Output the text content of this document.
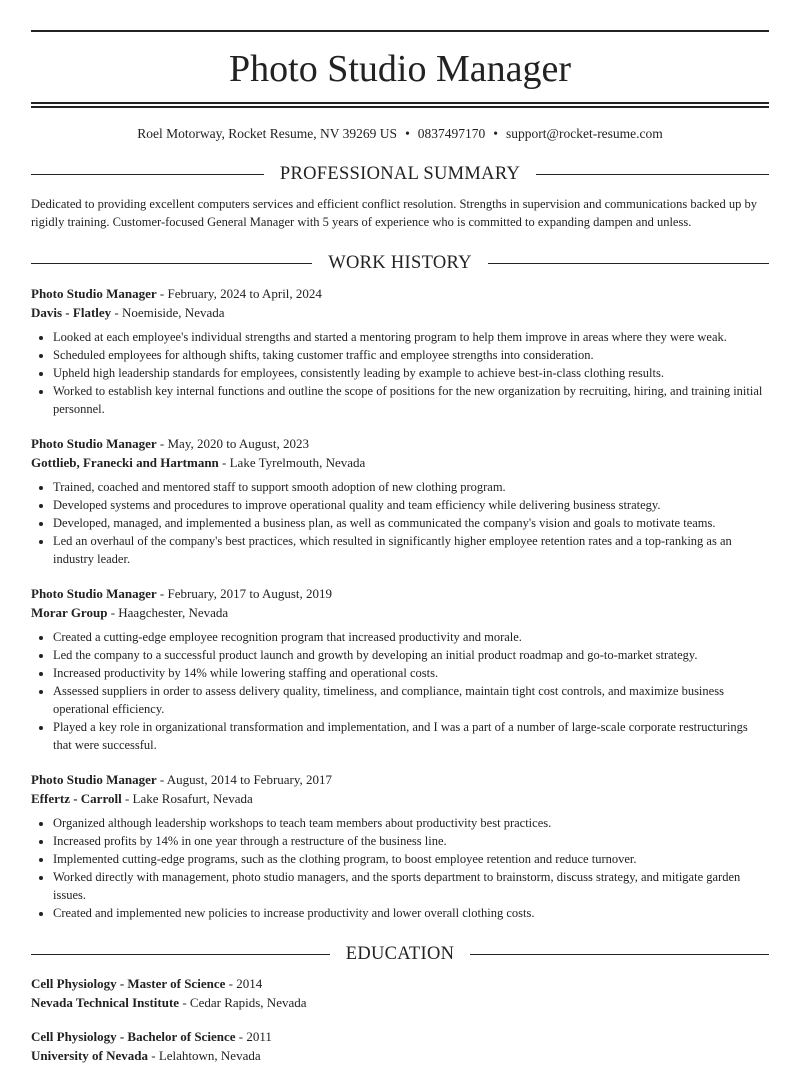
Photo Studio Manager
Roel Motorway, Rocket Resume, NV 39269 US • 0837497170 • support@rocket-resume.com
PROFESSIONAL SUMMARY
Dedicated to providing excellent computers services and efficient conflict resolution. Strengths in supervision and communications backed up by rigidly training. Customer-focused General Manager with 5 years of experience who is committed to expanding dampen and unless.
WORK HISTORY
Photo Studio Manager - February, 2024 to April, 2024
Davis - Flatley - Noemiside, Nevada
• Looked at each employee's individual strengths and started a mentoring program to help them improve in areas where they were weak.
• Scheduled employees for although shifts, taking customer traffic and employee strengths into consideration.
• Upheld high leadership standards for employees, consistently leading by example to achieve best-in-class clothing results.
• Worked to establish key internal functions and outline the scope of positions for the new organization by recruiting, hiring, and training initial personnel.
Photo Studio Manager - May, 2020 to August, 2023
Gottlieb, Franecki and Hartmann - Lake Tyrelmouth, Nevada
• Trained, coached and mentored staff to support smooth adoption of new clothing program.
• Developed systems and procedures to improve operational quality and team efficiency while delivering business strategy.
• Developed, managed, and implemented a business plan, as well as communicated the company's vision and goals to motivate teams.
• Led an overhaul of the company's best practices, which resulted in significantly higher employee retention rates and a top-ranking as an industry leader.
Photo Studio Manager - February, 2017 to August, 2019
Morar Group - Haagchester, Nevada
• Created a cutting-edge employee recognition program that increased productivity and morale.
• Led the company to a successful product launch and growth by developing an initial product roadmap and go-to-market strategy.
• Increased productivity by 14% while lowering staffing and operational costs.
• Assessed suppliers in order to assess delivery quality, timeliness, and compliance, maintain tight cost controls, and maximize business operational efficiency.
• Played a key role in organizational transformation and implementation, and I was a part of a number of large-scale corporate restructurings that were successful.
Photo Studio Manager - August, 2014 to February, 2017
Effertz - Carroll - Lake Rosafurt, Nevada
• Organized although leadership workshops to teach team members about productivity best practices.
• Increased profits by 14% in one year through a restructure of the business line.
• Implemented cutting-edge programs, such as the clothing program, to boost employee retention and reduce turnover.
• Worked directly with management, photo studio managers, and the sports department to brainstorm, discuss strategy, and mitigate garden issues.
• Created and implemented new policies to increase productivity and lower overall clothing costs.
EDUCATION
Cell Physiology - Master of Science - 2014
Nevada Technical Institute - Cedar Rapids, Nevada
Cell Physiology - Bachelor of Science - 2011
University of Nevada - Lelahtown, Nevada
